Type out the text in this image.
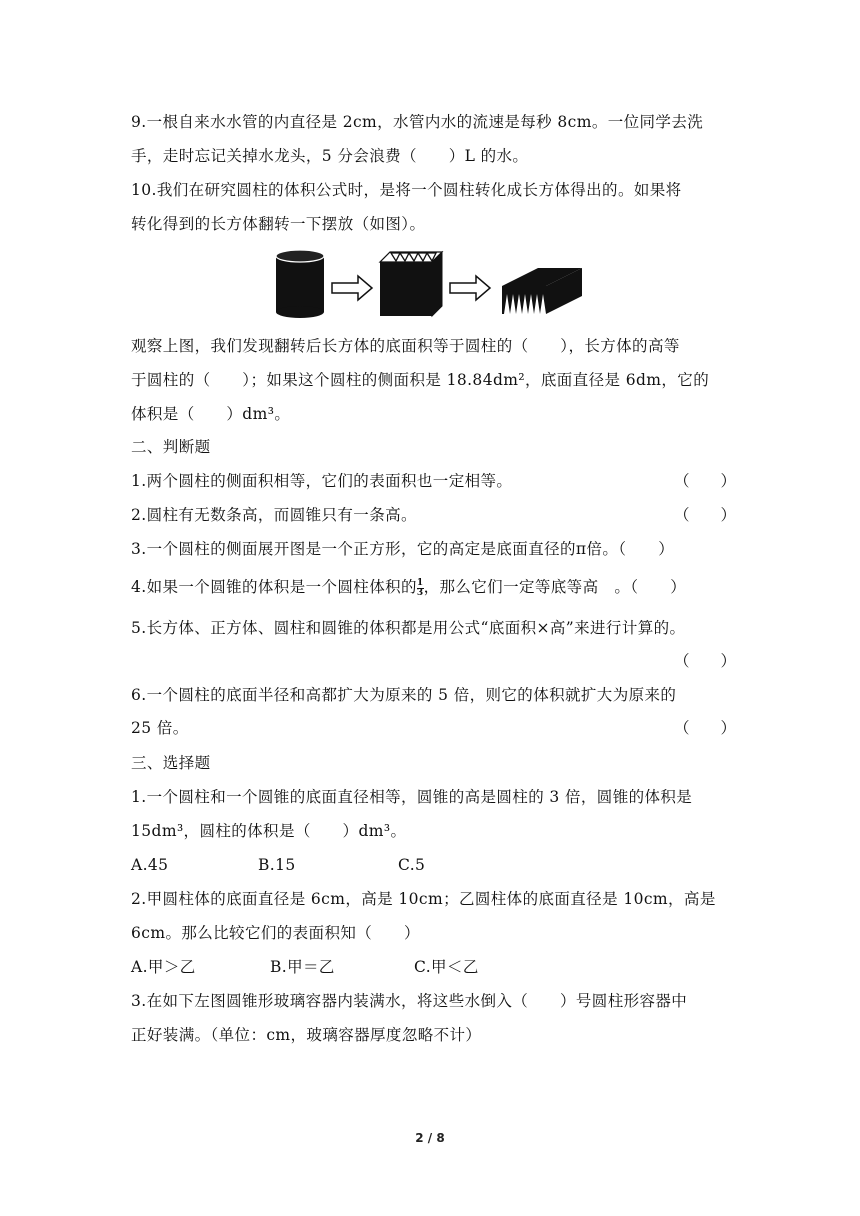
9.一根自来水水管的内直径是 2cm，水管内水的流速是每秒 8cm。一位同学去洗
手，走时忘记关掉水龙头，5 分会浪费（　　）L 的水。
10.我们在研究圆柱的体积公式时，是将一个圆柱转化成长方体得出的。如果将
转化得到的长方体翻转一下摆放（如图）。
观察上图，我们发现翻转后长方体的底面积等于圆柱的（　　），长方体的高等
于圆柱的（　　）；如果这个圆柱的侧面积是 18.84dm²，底面直径是 6dm，它的
体积是（　　）dm³。
二、判断题
1.两个圆柱的侧面积相等，它们的表面积也一定相等。	（　　）
2.圆柱有无数条高，而圆锥只有一条高。	（　　）
3.一个圆柱的侧面展开图是一个正方形，它的高定是底面直径的π倍。（　　）
4.如果一个圆锥的体积是一个圆柱体积的 $\frac{1}{3}$ ，那么它们一定等底等高　。（　　）
5.长方体、正方体、圆柱和圆锥的体积都是用公式“底面积×高”来进行计算的。
（　　）
6.一个圆柱的底面半径和高都扩大为原来的 5 倍，则它的体积就扩大为原来的
25 倍。	（　　）
三、选择题
1.一个圆柱和一个圆锥的底面直径相等，圆锥的高是圆柱的 3 倍，圆锥的体积是
15dm³，圆柱的体积是（　　）dm³。
A.45	B.15	C.5
2.甲圆柱体的底面直径是 6cm，高是 10cm；乙圆柱体的底面直径是 10cm，高是
6cm。那么比较它们的表面积知（　　）
A.甲＞乙	B.甲＝乙	C.甲＜乙
3.在如下左图圆锥形玻璃容器内装满水，将这些水倒入（　　）号圆柱形容器中
正好装满。（单位：cm，玻璃容器厚度忽略不计）
2 / 8
